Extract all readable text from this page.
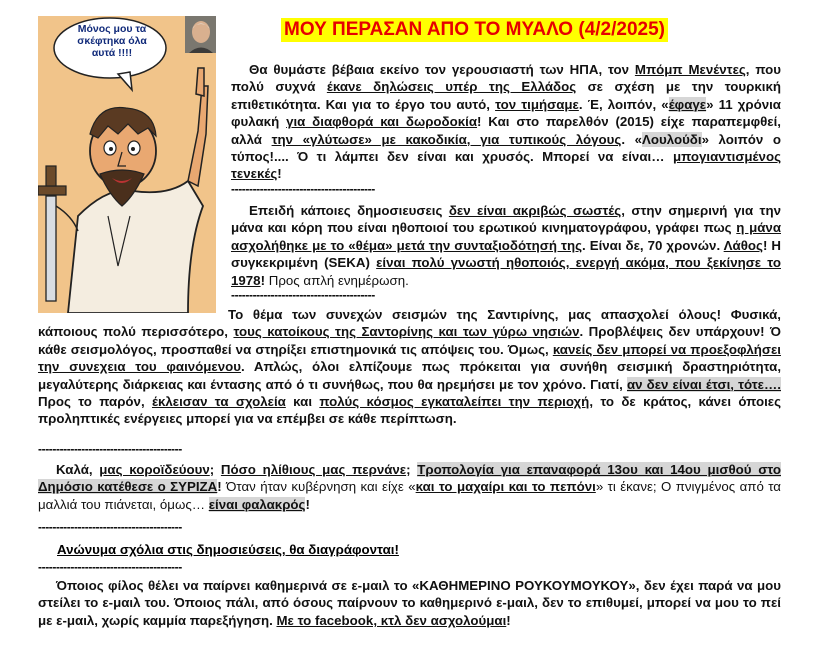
Μόνος μου τα σκέφτηκα όλα αυτά !!!!
ΜΟΥ ΠΕΡΑΣΑΝ ΑΠΟ ΤΟ ΜΥΑΛΟ (4/2/2025)

Θα θυμάστε βέβαια εκείνο τον γερουσιαστή των ΗΠΑ, τον Μπόμπ Μενέντες, που πολύ συχνά έκανε δηλώσεις υπέρ της Ελλάδος σε σχέση με την τουρκική επιθετικότητα. Και για το έργο του αυτό, τον τιμήσαμε. Έ, λοιπόν, «έφαγε» 11 χρόνια φυλακή για διαφθορά και δωροδοκία! Και στο παρελθόν (2015) είχε παραπεμφθεί, αλλά την «γλύτωσε» με κακοδικία, για τυπικούς λόγους. «Λουλούδι» λοιπόν ο τύπος!.... Ό τι λάμπει δεν είναι και χρυσός. Μπορεί να είναι… μπογιαντισμένος τενεκές!

----------------------------------------

Επειδή κάποιες δημοσιευσεις δεν είναι ακριβώς σωστές, στην σημερινή για την μάνα και κόρη που είναι ηθοποιοί του ερωτικού κινηματογράφου, γράφει πως η μάνα ασχολήθηκε με το «θέμα» μετά την συνταξιοδότησή της. Είναι δε, 70 χρονών. Λάθος! Η συγκεκριμένη (SEKA) είναι πολύ γνωστή ηθοποιός, ενεργή ακόμα, που ξεκίνησε το 1978! Προς απλή ενημέρωση.

----------------------------------------

Το θέμα των συνεχών σεισμών της Σαντιρίνης, μας απασχολεί όλους! Φυσικά, κάποιους πολύ περισσότερο, τους κατοίκους της Σαντορίνης και των γύρω νησιών. Προβλέψεις δεν υπάρχουν! Ό κάθε σεισμολόγος, προσπαθεί να στηρίξει επιστημονικά τις απόψεις του. Όμως, κανείς δεν μπορεί να προεξοφλήσει την συνεχεια του φαινόμενου. Απλώς, όλοι ελπίζουμε πως πρόκειται για συνήθη σεισμική δραστηριότητα, μεγαλύτερης διάρκειας και έντασης από ό τι συνήθως, που θα ηρεμήσει με τον χρόνο. Γιατί, αν δεν είναι έτσι, τότε…. Προς το παρόν, έκλεισαν τα σχολεία και πολύς κόσμος εγκαταλείπει την περιοχή, το δε κράτος, κάνει όποιες προληπτικές ενέργειες μπορεί για να επέμβει σε κάθε περίπτωση.

----------------------------------------

Καλά, μας κοροϊδεύουν; Πόσο ηλίθιους μας περνάνε; Τροπολογία για επαναφορά 13ου και 14ου μισθού στο Δημόσιο κατέθεσε ο ΣΥΡΙΖΑ! Όταν ήταν κυβέρνηση και είχε «και το μαχαίρι και το πεπόνι» τι έκανε; Ο πνιγμένος από τα μαλλιά του πιάνεται, όμως… είναι φαλακρός!

----------------------------------------
Ανώνυμα σχόλια στις δημοσιεύσεις, θα διαγράφονται!
----------------------------------------

Όποιος φίλος θέλει να παίρνει καθημερινά σε ε-μαιλ το «ΚΑΘΗΜΕΡΙΝΟ ΡΟΥΚΟΥΜΟΥΚΟΥ», δεν έχει παρά να μου στείλει το ε-μαιλ του. Όποιος πάλι, από όσους παίρνουν το καθημερινό ε-μαιλ, δεν το επιθυμεί, μπορεί να μου το πεί με ε-μαιλ, χωρίς καμμία παρεξήγηση. Με το facebook, κτλ δεν ασχολούμαι!
